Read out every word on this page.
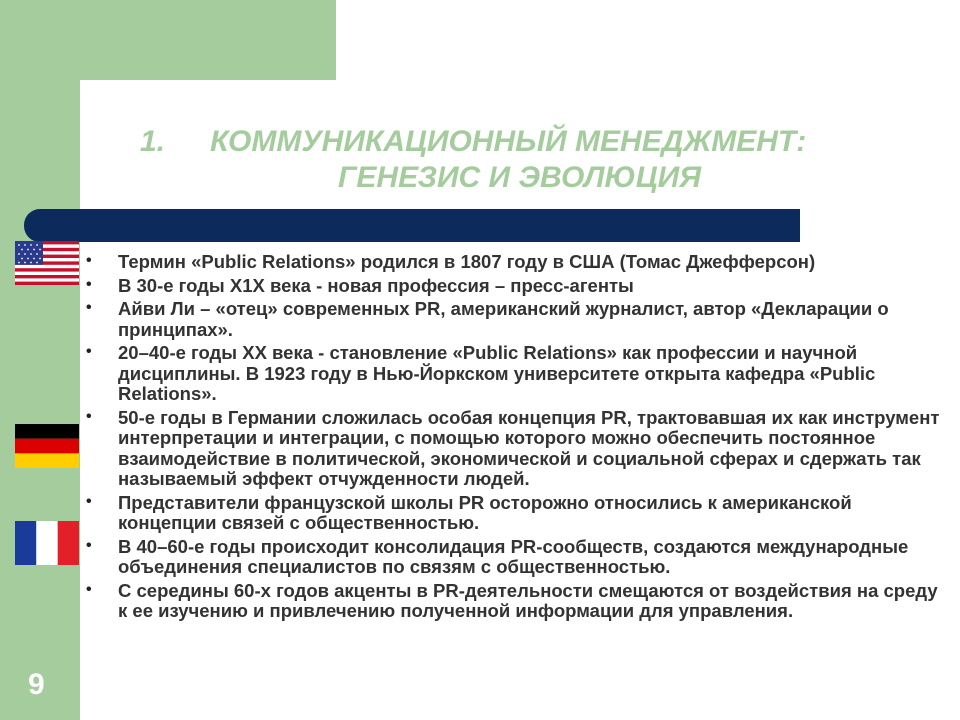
1. КОММУНИКАЦИОННЫЙ МЕНЕДЖМЕНТ:
ГЕНЕЗИС И ЭВОЛЮЦИЯ
• Термин «Public Relations» родился в 1807 году в США (Томас Джефферсон)
• В 30-е годы Х1Х века - новая профессия – пресс-агенты
• Айви Ли – «отец» современных PR, американский журналист, автор «Декларации о принципах».
• 20–40-е годы ХХ века - становление «Public Relations» как профессии и научной дисциплины. В 1923 году в Нью-Йоркском университете открыта кафедра «Public Relations».
• 50-е годы в Германии сложилась особая концепция PR, трактовавшая их как инструмент интерпретации и интеграции, с помощью которого можно обеспечить постоянное взаимодействие в политической, экономической и социальной сферах и сдержать так называемый эффект отчужденности людей.
• Представители французской школы PR осторожно относились к американской концепции связей с общественностью.
• В 40–60-е годы происходит консолидация PR-сообществ, создаются международные объединения специалистов по связям с общественностью.
• С середины 60-х годов акценты в PR-деятельности смещаются от воздействия на среду к ее изучению и привлечению полученной информации для управления.
9
